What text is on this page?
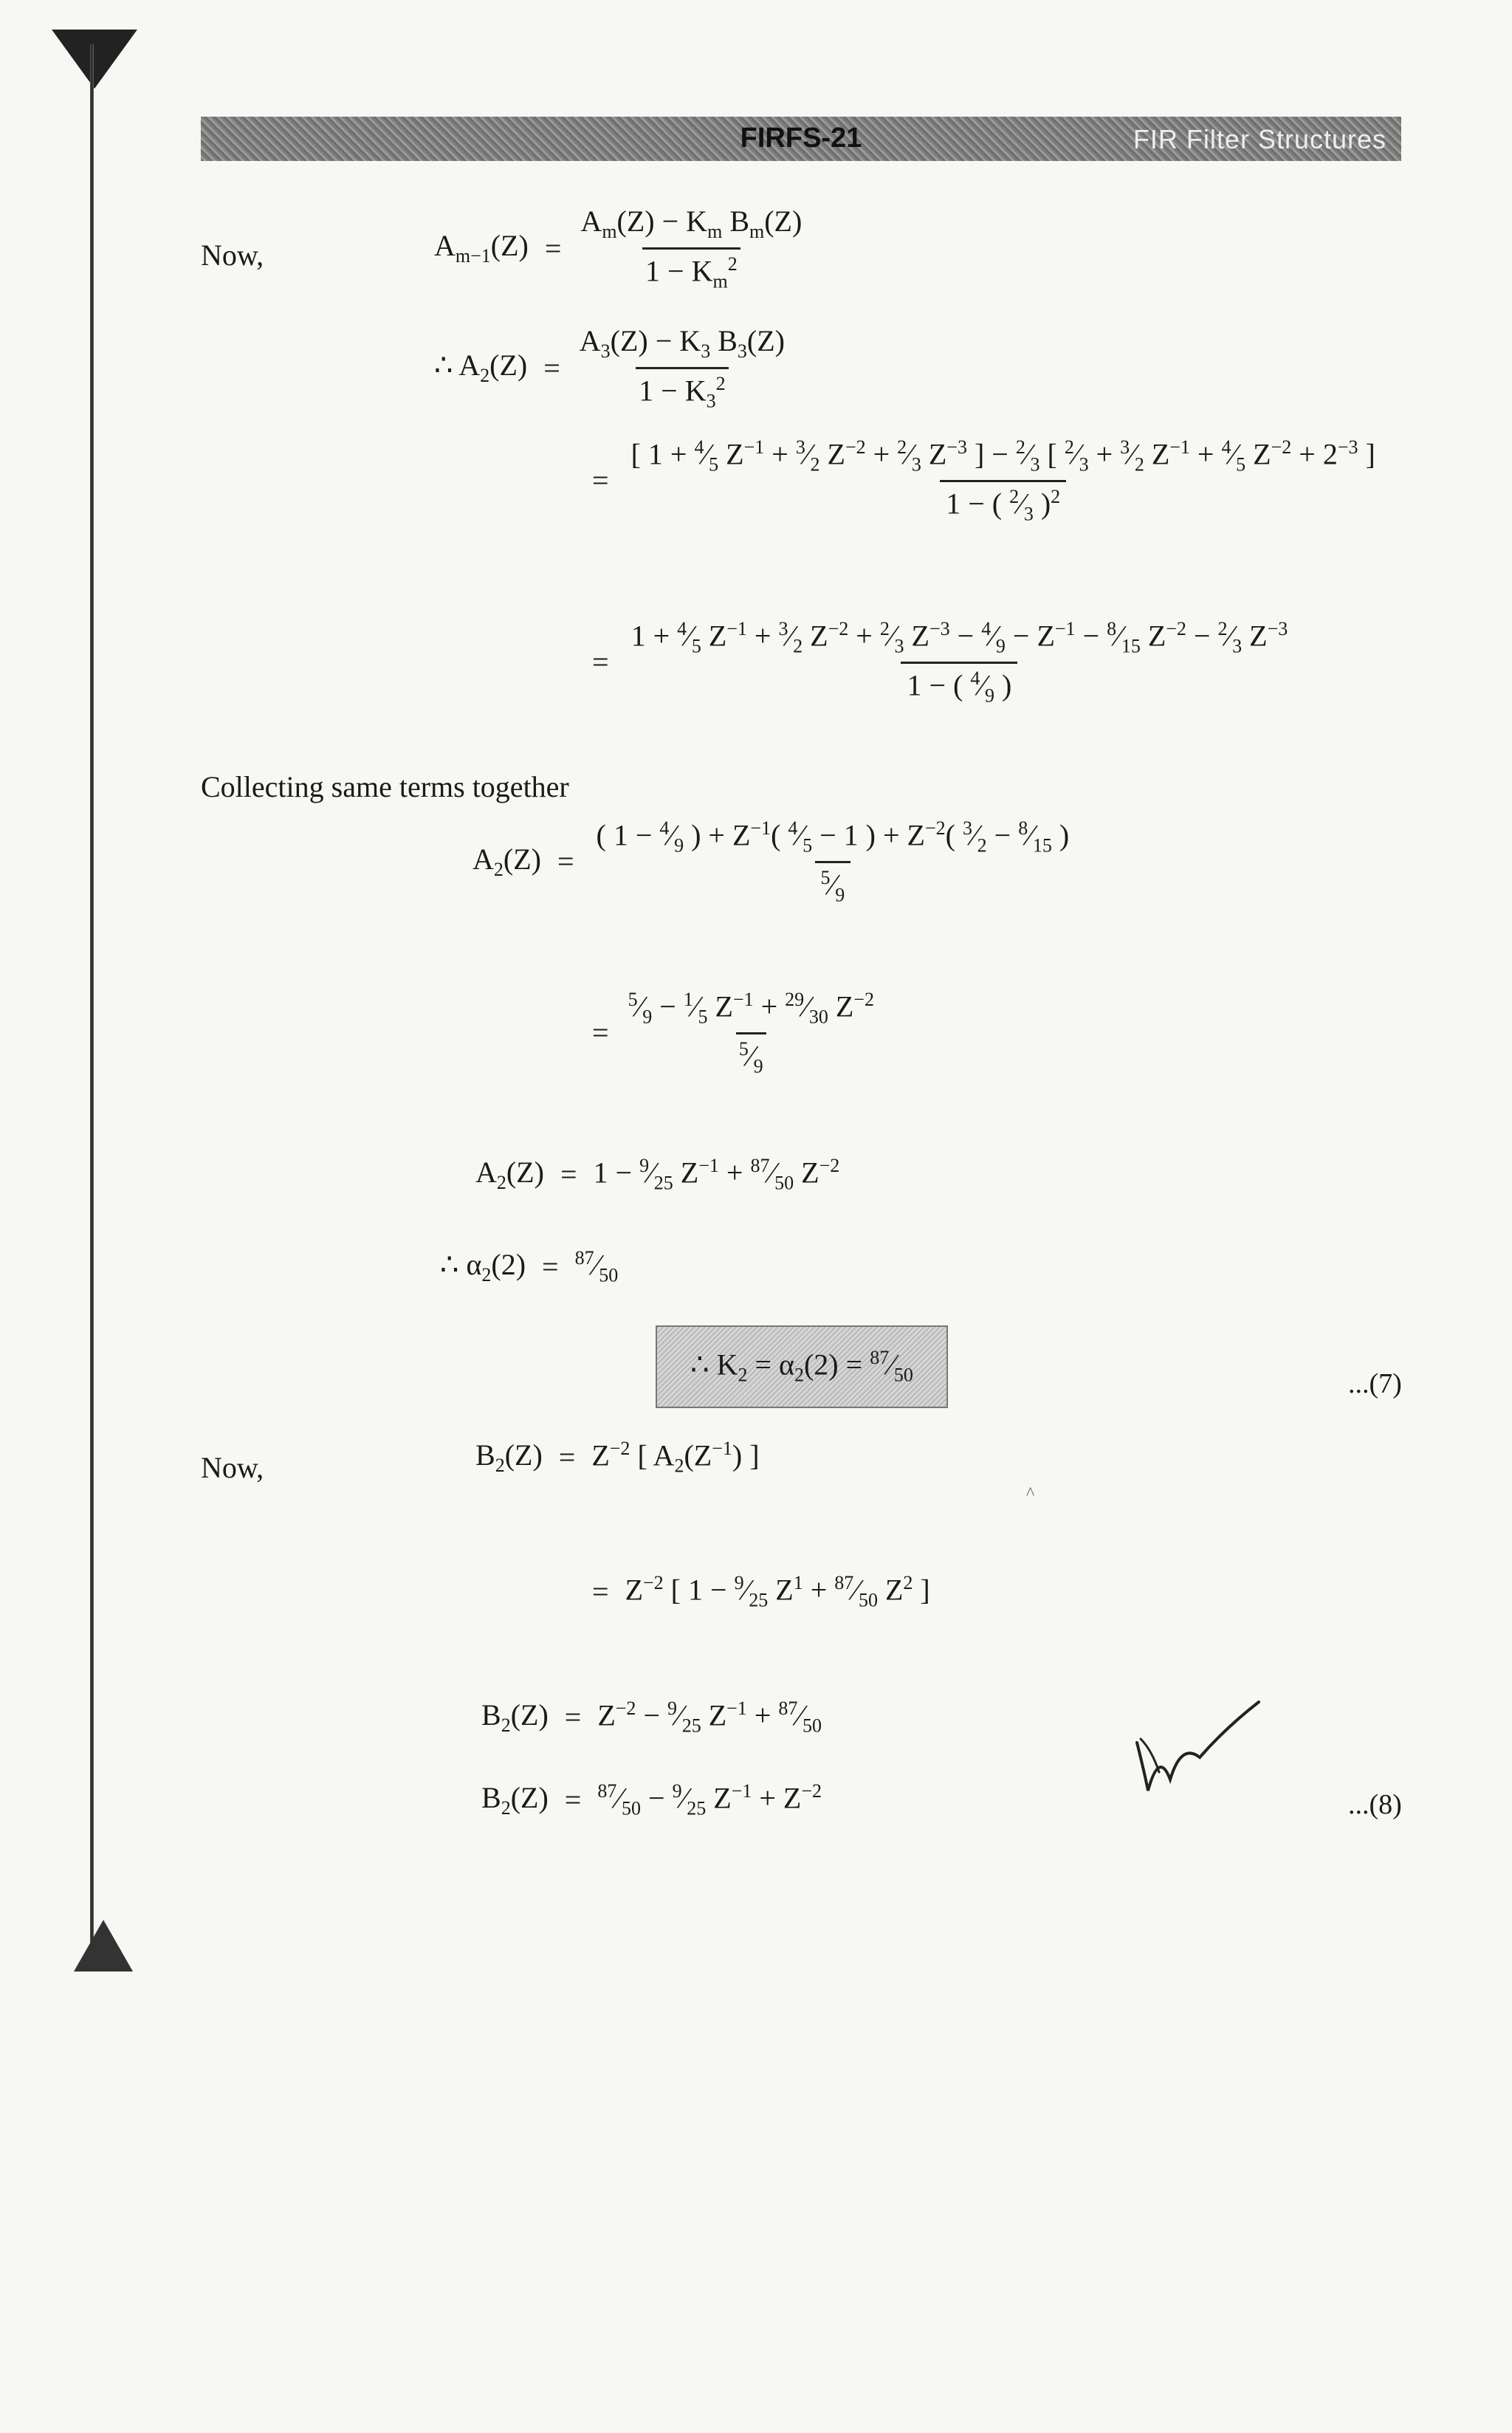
FIRFS-21	FIR Filter Structures
Now,	$A_{m-1}(Z) = \frac{A_m(Z) - K_m B_m(Z)}{1 - K_m^2}$
∴ $A_2(Z) = \frac{A_3(Z) - K_3 B_3(Z)}{1 - K_3^2}$
=
[ $1 + ^4⁄_5$ $Z^{-1}$ + $^3⁄_2$ $Z^{-2}$ + $^2⁄_3$ $Z^{-3}$ ] − $^2⁄_3$ [ $^2⁄_3$ + $^3⁄_2$ $Z^{-1}$ + $^4⁄_5$ $Z^{-2} + 2^{-3}$ ]
1 − ( $^2⁄_3$ )$^2$
=
$1 + ^4⁄_5$ $Z^{-1}$ + $^3⁄_2$ $Z^{-2}$ + $^2⁄_3$ $Z^{-3}$ − $^4⁄_9 - Z^{-1}$ − $^8⁄_{15}$ $Z^{-2}$ − $^2⁄_3$ $Z^{-3}$
1 − ( $^4⁄_9$ )
Collecting same terms together
$A_2(Z) = \frac{( 1 - ^4⁄_9 ) + Z^{-1}( ^4⁄_5 - 1 ) + Z^{-2}( ^3⁄_2 - ^8⁄_{15} )}{^5⁄_9}$
= $\frac{^5⁄_9 - ^1⁄_5 Z^{-1} + ^{29}⁄_{30} Z^{-2}}{^5⁄_9}$
$A_2(Z) = 1$ − $^9⁄_{25}$ $Z^{-1}$ + $^{87}⁄_{50}$ $Z^{-2}$
∴ $\alpha_2(2)$ = $^{87}⁄_{50}$
∴ $K_2 = \alpha_2(2)$ = $^{87}⁄_{50}$	...(7)
Now,	$B_2(Z) = Z^{-2}$ [ $A_2(Z^{-1})$ ]
= $Z^{-2}$ [ $1 - ^9⁄_{25}$ $Z^1$ + $^{87}⁄_{50}$ $Z^2$ ]
$B_2(Z) = Z^{-2}$ − $^9⁄_{25}$ $Z^{-1}$ + $^{87}⁄_{50}$
$B_2(Z)$ = $^{87}⁄_{50}$ − $^9⁄_{25}$ $Z^{-1} + Z^{-2}$	...(8)
^
